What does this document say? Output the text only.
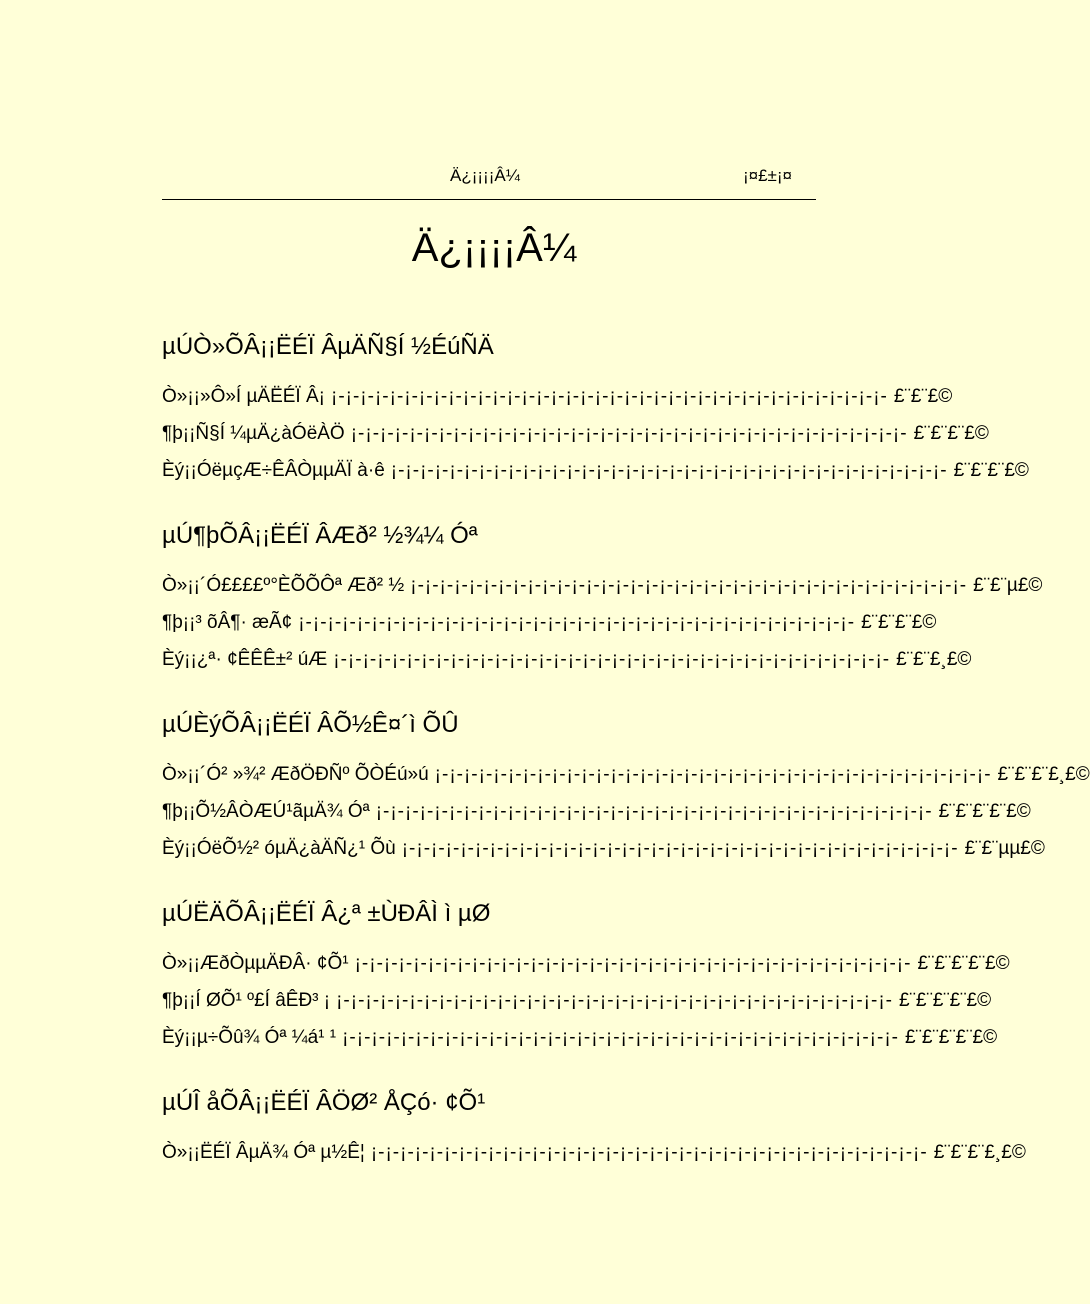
Ä¿¡¡¡¡Â¼	¡¤£±¡¤
Ä¿¡¡¡¡Â¼
µÚÒ»ÕÂ¡¡ËÉÏ ÂµÄÑ§Í ½ÉúÑÄ
Ò»¡¡»Ô»Í µÄËÉÏ Â¡ ¡-¡-¡-¡-¡-¡-¡-¡-¡-¡-¡-¡-¡-¡-¡-¡-¡-¡-¡-¡-¡-¡-¡-¡-¡-¡-¡-¡-¡-¡-¡-¡-¡-¡-¡-¡-¡-¡- £¨£¨£©
¶þ¡¡Ñ§Í ¼µÄ¿àÓëÀÖ ¡-¡-¡-¡-¡-¡-¡-¡-¡-¡-¡-¡-¡-¡-¡-¡-¡-¡-¡-¡-¡-¡-¡-¡-¡-¡-¡-¡-¡-¡-¡-¡-¡-¡-¡-¡-¡-¡- £¨£¨£¨£©
Èý¡¡ÓëµçÆ÷ÊÂÒµµÄÏ à·ê ¡-¡-¡-¡-¡-¡-¡-¡-¡-¡-¡-¡-¡-¡-¡-¡-¡-¡-¡-¡-¡-¡-¡-¡-¡-¡-¡-¡-¡-¡-¡-¡-¡-¡-¡-¡-¡-¡- £¨£¨£¨£©
µÚ¶þÕÂ¡¡ËÉÏ ÂÆð² ½¾¼ Óª
Ò»¡¡´Ó££££º°ÈÕÕÔª Æð² ½ ¡-¡-¡-¡-¡-¡-¡-¡-¡-¡-¡-¡-¡-¡-¡-¡-¡-¡-¡-¡-¡-¡-¡-¡-¡-¡-¡-¡-¡-¡-¡-¡-¡-¡-¡-¡-¡-¡- £¨£¨µ£©
¶þ¡¡³ õÂ¶· æÃ¢ ¡-¡-¡-¡-¡-¡-¡-¡-¡-¡-¡-¡-¡-¡-¡-¡-¡-¡-¡-¡-¡-¡-¡-¡-¡-¡-¡-¡-¡-¡-¡-¡-¡-¡-¡-¡-¡-¡- £¨£¨£¨£©
Èý¡¡¿ª· ¢ÊÊÊ±² úÆ ¡-¡-¡-¡-¡-¡-¡-¡-¡-¡-¡-¡-¡-¡-¡-¡-¡-¡-¡-¡-¡-¡-¡-¡-¡-¡-¡-¡-¡-¡-¡-¡-¡-¡-¡-¡-¡-¡- £¨£¨£¸£©
µÚÈýÕÂ¡¡ËÉÏ ÂÕ½Ê¤´ì ÕÛ
Ò»¡¡´Ó² »¾² ÆðÖÐÑº ÕÒÉú»ú ¡-¡-¡-¡-¡-¡-¡-¡-¡-¡-¡-¡-¡-¡-¡-¡-¡-¡-¡-¡-¡-¡-¡-¡-¡-¡-¡-¡-¡-¡-¡-¡-¡-¡-¡-¡-¡-¡- £¨£¨£¨£¸£©
¶þ¡¡Õ½ÂÒÆÚ¹ãµÄ¾ Óª ¡-¡-¡-¡-¡-¡-¡-¡-¡-¡-¡-¡-¡-¡-¡-¡-¡-¡-¡-¡-¡-¡-¡-¡-¡-¡-¡-¡-¡-¡-¡-¡-¡-¡-¡-¡-¡-¡- £¨£¨£¨£¨£©
Èý¡¡ÓëÕ½² óµÄ¿àÄÑ¿¹ Õù ¡-¡-¡-¡-¡-¡-¡-¡-¡-¡-¡-¡-¡-¡-¡-¡-¡-¡-¡-¡-¡-¡-¡-¡-¡-¡-¡-¡-¡-¡-¡-¡-¡-¡-¡-¡-¡-¡- £¨£¨µµ£©
µÚËÄÕÂ¡¡ËÉÏ Â¿ª ±ÙÐÂÌ ì µØ
Ò»¡¡ÆðÒµµÄÐÂ· ¢Õ¹ ¡-¡-¡-¡-¡-¡-¡-¡-¡-¡-¡-¡-¡-¡-¡-¡-¡-¡-¡-¡-¡-¡-¡-¡-¡-¡-¡-¡-¡-¡-¡-¡-¡-¡-¡-¡-¡-¡- £¨£¨£¨£¨£©
¶þ¡¡Í ØÕ¹ º£Í âÊÐ³ ¡ ¡-¡-¡-¡-¡-¡-¡-¡-¡-¡-¡-¡-¡-¡-¡-¡-¡-¡-¡-¡-¡-¡-¡-¡-¡-¡-¡-¡-¡-¡-¡-¡-¡-¡-¡-¡-¡-¡- £¨£¨£¨£¨£©
Èý¡¡µ÷Õû¾ Óª ¼á¹ ¹ ¡-¡-¡-¡-¡-¡-¡-¡-¡-¡-¡-¡-¡-¡-¡-¡-¡-¡-¡-¡-¡-¡-¡-¡-¡-¡-¡-¡-¡-¡-¡-¡-¡-¡-¡-¡-¡-¡- £¨£¨£¨£¨£©
µÚÎ åÕÂ¡¡ËÉÏ ÂÖØ² ÅÇó· ¢Õ¹
Ò»¡¡ËÉÏ ÂµÄ¾ Óª µ½Ê¦ ¡-¡-¡-¡-¡-¡-¡-¡-¡-¡-¡-¡-¡-¡-¡-¡-¡-¡-¡-¡-¡-¡-¡-¡-¡-¡-¡-¡-¡-¡-¡-¡-¡-¡-¡-¡-¡-¡- £¨£¨£¨£¸£©
